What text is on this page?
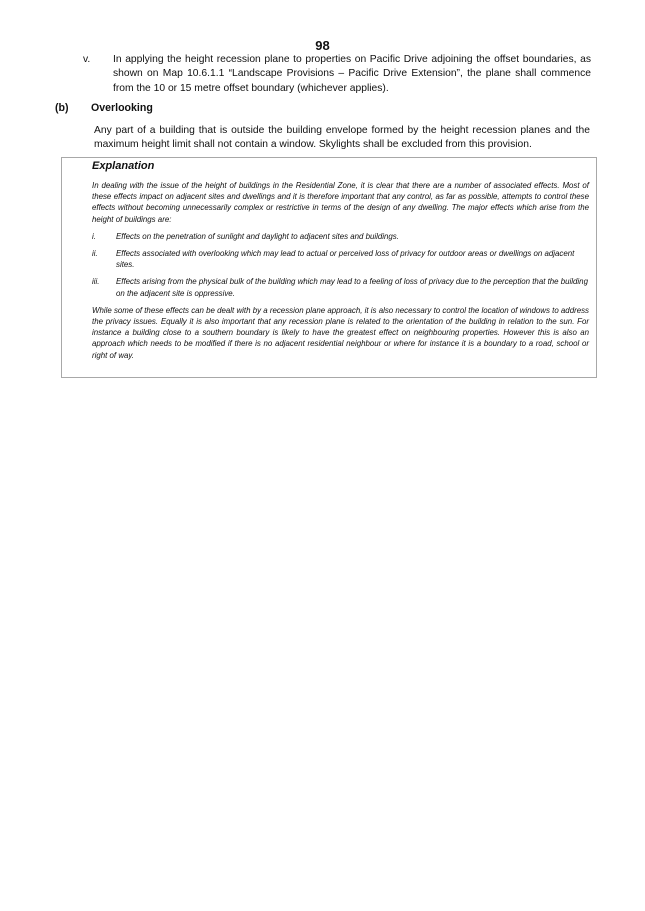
98
v. In applying the height recession plane to properties on Pacific Drive adjoining the offset boundaries, as shown on Map 10.6.1.1 “Landscape Provisions – Pacific Drive Extension”, the plane shall commence from the 10 or 15 metre offset boundary (whichever applies).
(b) Overlooking
Any part of a building that is outside the building envelope formed by the height recession planes and the maximum height limit shall not contain a window. Skylights shall be excluded from this provision.
Explanation

In dealing with the issue of the height of buildings in the Residential Zone, it is clear that there are a number of associated effects. Most of these effects impact on adjacent sites and dwellings and it is therefore important that any control, as far as possible, attempts to control these effects without becoming unnecessarily complex or restrictive in terms of the design of any dwelling. The major effects which arise from the height of buildings are:

i.	Effects on the penetration of sunlight and daylight to adjacent sites and buildings.
ii. Effects associated with overlooking which may lead to actual or perceived loss of privacy for outdoor areas or dwellings on adjacent sites.
iii. Effects arising from the physical bulk of the building which may lead to a feeling of loss of privacy due to the perception that the building on the adjacent site is oppressive.

While some of these effects can be dealt with by a recession plane approach, it is also necessary to control the location of windows to address the privacy issues. Equally it is also important that any recession plane is related to the orientation of the building in relation to the sun. For instance a building close to a southern boundary is likely to have the greatest effect on neighbouring properties. However this is also an approach which needs to be modified if there is no adjacent residential neighbour or where for instance it is a boundary to a road, school or right of way.
